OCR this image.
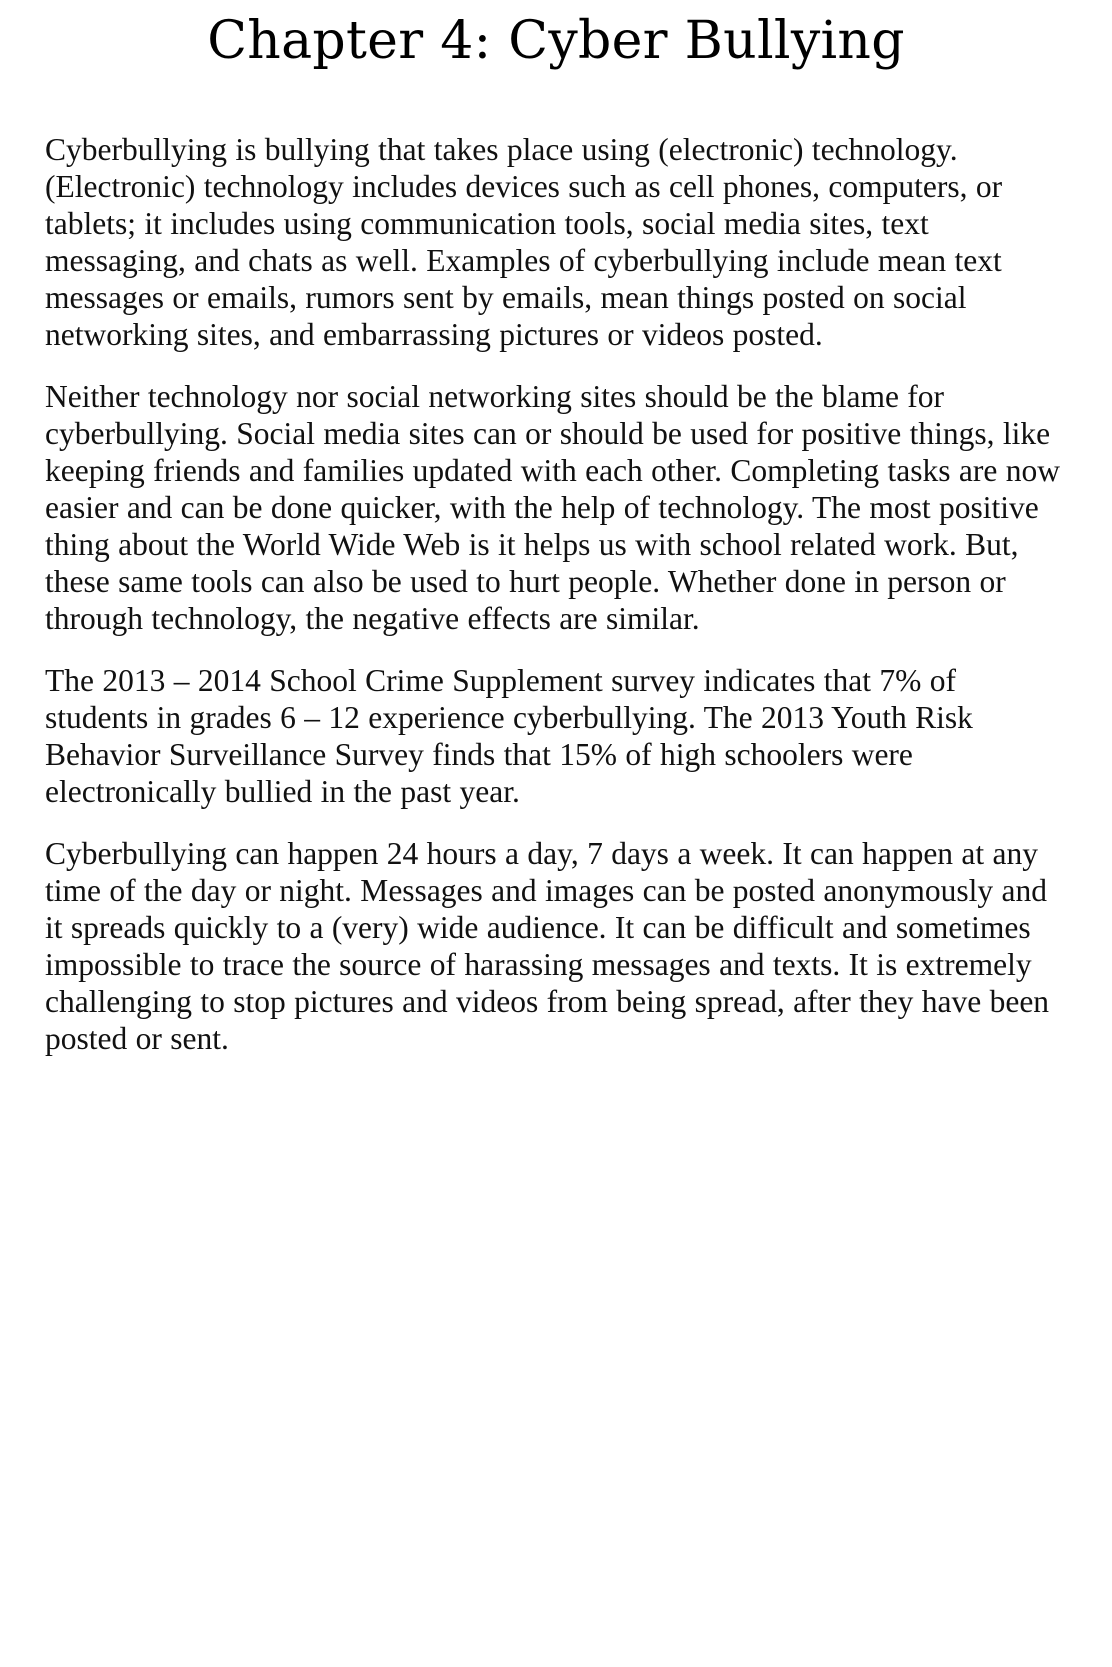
Chapter 4: Cyber Bullying

Cyberbullying is bullying that takes place using (electronic) technology. (Electronic) technology includes devices such as cell phones, computers, or tablets; it includes using communication tools, social media sites, text messaging, and chats as well. Examples of cyberbullying include mean text messages or emails, rumors sent by emails, mean things posted on social networking sites, and embarrassing pictures or videos posted.

Neither technology nor social networking sites should be the blame for cyberbullying. Social media sites can or should be used for positive things, like keeping friends and families updated with each other. Completing tasks are now easier and can be done quicker, with the help of technology. The most positive thing about the World Wide Web is it helps us with school related work. But, these same tools can also be used to hurt people. Whether done in person or through technology, the negative effects are similar.

The 2013 – 2014 School Crime Supplement survey indicates that 7% of students in grades 6 – 12 experience cyberbullying. The 2013 Youth Risk Behavior Surveillance Survey finds that 15% of high schoolers were electronically bullied in the past year.

Cyberbullying can happen 24 hours a day, 7 days a week. It can happen at any time of the day or night. Messages and images can be posted anonymously and it spreads quickly to a (very) wide audience. It can be difficult and sometimes impossible to trace the source of harassing messages and texts. It is extremely challenging to stop pictures and videos from being spread, after they have been posted or sent.
